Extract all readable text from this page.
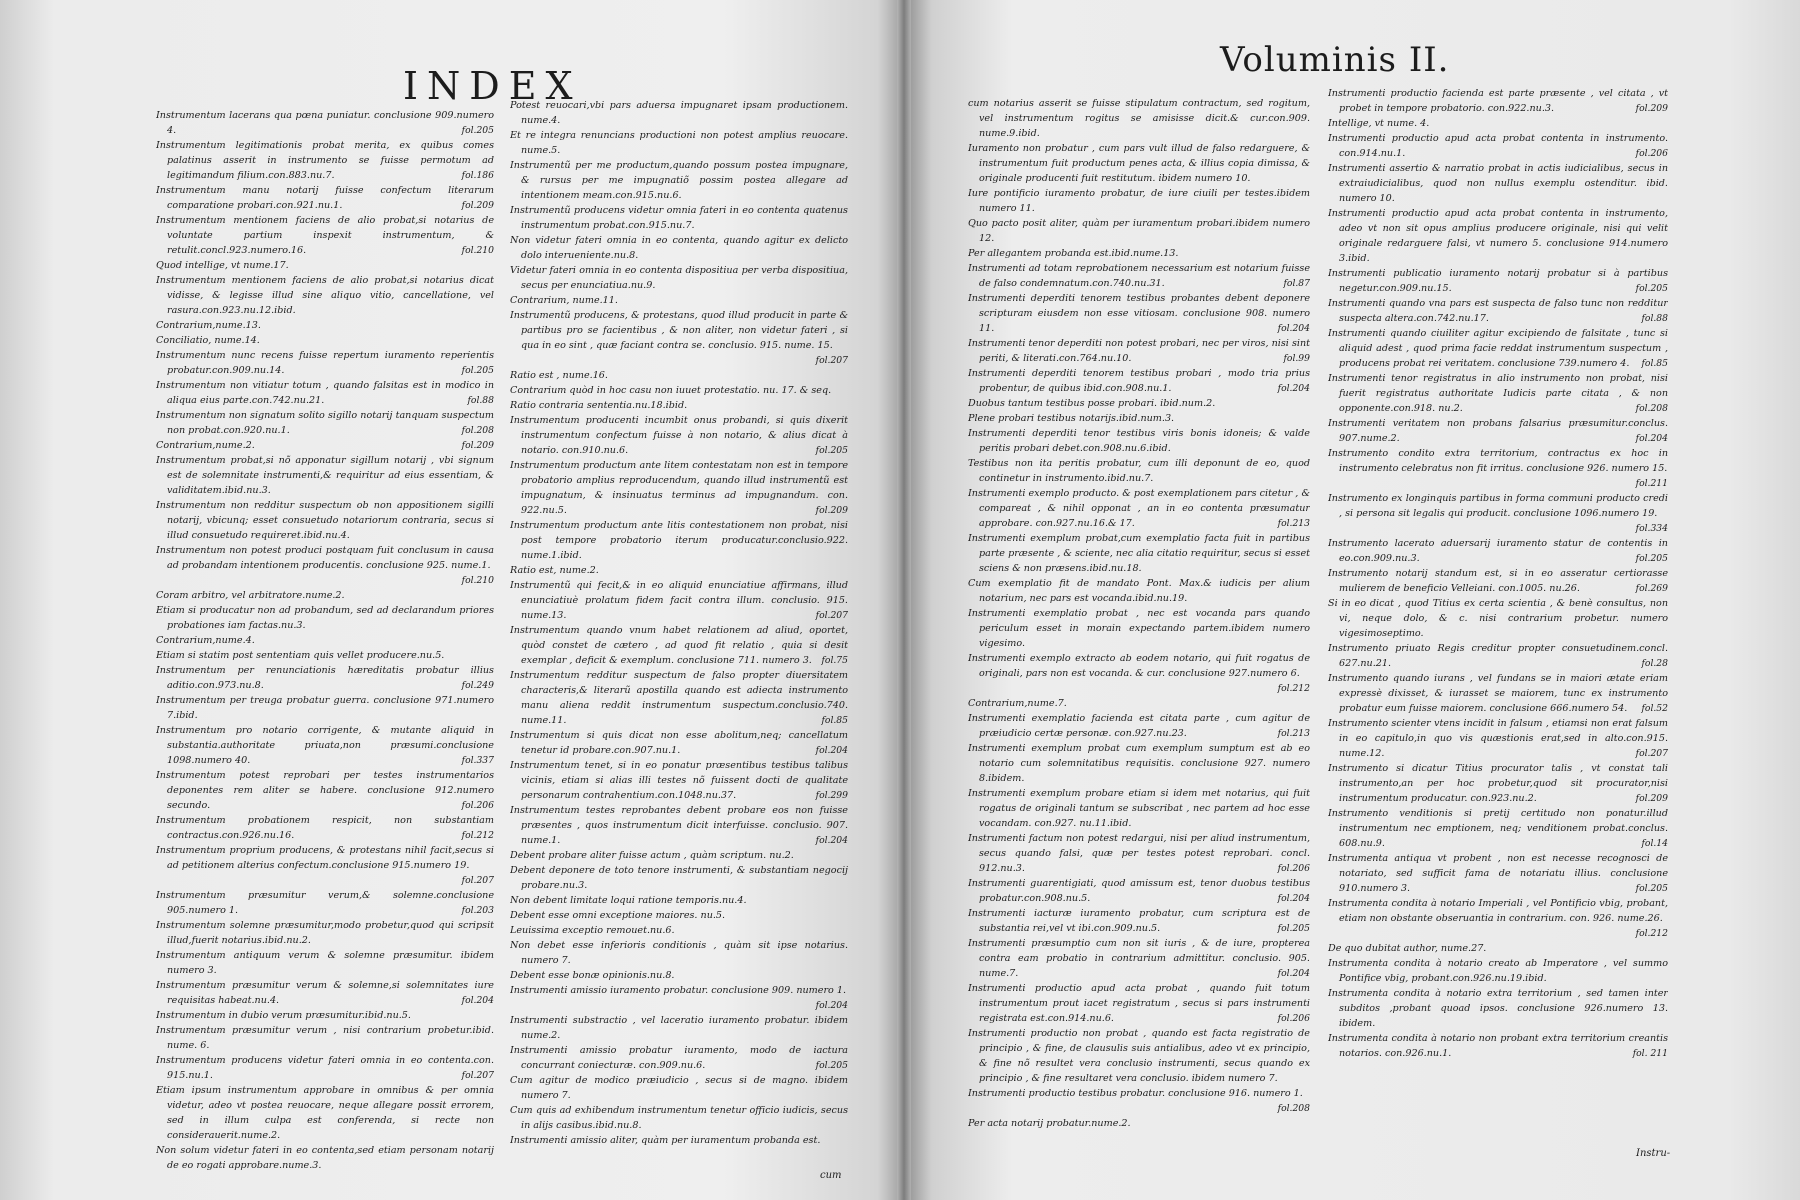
INDEX
Voluminis II.
Instrumentum lacerans qua pœna puniatur. conclusione 909.numero 4.	fol.205
Instrumentum legitimationis probat merita, ex quibus comes palatinus asserit in instrumento se fuisse permotum ad legitimandum filium.con.883.nu.7.	fol.186
Instrumentum manu notarij fuisse confectum literarum comparatione probari.con.921.nu.1.	fol.209
Instrumentum mentionem faciens de alio probat,si notarius de voluntate partium inspexit instrumentum, & retulit.concl.923.numero.16.	fol.210
Quod intellige, vt nume.17.
Instrumentum mentionem faciens de alio probat,si notarius dicat vidisse, & legisse illud sine aliquo vitio, cancellatione, vel rasura.con.923.nu.12.ibid.
Contrarium,nume.13.
Conciliatio, nume.14.
Instrumentum nunc recens fuisse repertum iuramento reperientis probatur.con.909.nu.14.	fol.205
Instrumentum non vitiatur totum , quando falsitas est in modico in aliqua eius parte.con.742.nu.21.	fol.88
Instrumentum non signatum solito sigillo notarij tanquam suspectum non probat.con.920.nu.1.	fol.208
Contrarium,nume.2.	fol.209
Instrumentum probat,si nõ apponatur sigillum notarij , vbi signum est de solemnitate instrumenti,& requiritur ad eius essentiam, & validitatem.ibid.nu.3.
Instrumentum non redditur suspectum ob non appositionem sigilli notarij, vbicunq; esset consuetudo notariorum contraria, secus si illud consuetudo requireret.ibid.nu.4.
Instrumentum non potest produci postquam fuit conclusum in causa ad probandam intentionem producentis. conclusione 925. nume.1.
fol.210
Coram arbitro, vel arbitratore.nume.2.
Etiam si producatur non ad probandum, sed ad declarandum priores probationes iam factas.nu.3.
Contrarium,nume.4.
Etiam si statim post sententiam quis vellet producere.nu.5.
Instrumentum per renunciationis hæreditatis probatur illius aditio.con.973.nu.8.	fol.249
Instrumentum per treuga probatur guerra. conclusione 971.numero 7.ibid.
Instrumentum pro notario corrigente, & mutante aliquid in substantia.authoritate priuata,non præsumi.conclusione 1098.numero 40.	fol.337
Instrumentum potest reprobari per testes instrumentarios deponentes rem aliter se habere. conclusione 912.numero secundo.	fol.206
Instrumentum probationem respicit, non substantiam contractus.con.926.nu.16.	fol.212
Instrumentum proprium producens, & protestans nihil facit,secus si ad petitionem alterius confectum.conclusione 915.numero 19.
fol.207
Instrumentum præsumitur verum,& solemne.conclusione 905.numero 1.	fol.203
Instrumentum solemne præsumitur,modo probetur,quod qui scripsit illud,fuerit notarius.ibid.nu.2.
Instrumentum antiquum verum & solemne præsumitur. ibidem numero 3.
Instrumentum præsumitur verum & solemne,si solemnitates iure requisitas habeat.nu.4.	fol.204
Instrumentum in dubio verum præsumitur.ibid.nu.5.
Instrumentum præsumitur verum , nisi contrarium probetur.ibid. nume. 6.
Instrumentum producens videtur fateri omnia in eo contenta.con. 915.nu.1.	fol.207
Etiam ipsum instrumentum approbare in omnibus & per omnia videtur, adeo vt postea reuocare, neque allegare possit errorem, sed in illum culpa est conferenda, si recte non considerauerit.nume.2.
Non solum videtur fateri in eo contenta,sed etiam personam notarij de eo rogati approbare.nume.3.
Potest reuocari,vbi pars aduersa impugnaret ipsam productionem. nume.4.
Et re integra renuncians productioni non potest amplius reuocare. nume.5.
Instrumentũ per me productum,quando possum postea impugnare, & rursus per me impugnatiõ possim postea allegare ad intentionem meam.con.915.nu.6.
Instrumentũ producens videtur omnia fateri in eo contenta quatenus instrumentum probat.con.915.nu.7.
Non videtur fateri omnia in eo contenta, quando agitur ex delicto dolo interueniente.nu.8.
Videtur fateri omnia in eo contenta dispositiua per verba dispositiua, secus per enunciatiua.nu.9.
Contrarium, nume.11.
Instrumentũ producens, & protestans, quod illud producit in parte & partibus pro se facientibus , & non aliter, non videtur fateri , si qua in eo sint , quæ faciant contra se. conclusio. 915. nume. 15.
fol.207
Ratio est , nume.16.
Contrarium quòd in hoc casu non iuuet protestatio. nu. 17. & seq.
Ratio contraria sententia.nu.18.ibid.
Instrumentum producenti incumbit onus probandi, si quis dixerit instrumentum confectum fuisse à non notario, & alius dicat à notario. con.910.nu.6.	fol.205
Instrumentum productum ante litem contestatam non est in tempore probatorio amplius reproducendum, quando illud instrumentũ est impugnatum, & insinuatus terminus ad impugnandum. con. 922.nu.5.	fol.209
Instrumentum productum ante litis contestationem non probat, nisi post tempore probatorio iterum producatur.conclusio.922. nume.1.ibid.
Ratio est, nume.2.
Instrumentũ qui fecit,& in eo aliquid enunciatiue affirmans, illud enunciatiuè prolatum fidem facit contra illum. conclusio. 915. nume.13.	fol.207
Instrumentum quando vnum habet relationem ad aliud, oportet, quòd constet de cætero , ad quod fit relatio , quia si desit exemplar , deficit & exemplum. conclusione 711. numero 3. fol.75
Instrumentum redditur suspectum de falso propter diuersitatem characteris,& literarũ apostilla quando est adiecta instrumento manu aliena reddit instrumentum suspectum.conclusio.740. nume.11.	fol.85
Instrumentum si quis dicat non esse abolitum,neq; cancellatum tenetur id probare.con.907.nu.1.	fol.204
Instrumentum tenet, si in eo ponatur præsentibus testibus talibus vicinis, etiam si alias illi testes nõ fuissent docti de qualitate personarum contrahentium.con.1048.nu.37.	fol.299
Instrumentum testes reprobantes debent probare eos non fuisse præsentes , quos instrumentum dicit interfuisse. conclusio. 907. nume.1.	fol.204
Debent probare aliter fuisse actum , quàm scriptum. nu.2.
Debent deponere de toto tenore instrumenti, & substantiam negocij probare.nu.3.
Non debent limitate loqui ratione temporis.nu.4.
Debent esse omni exceptione maiores. nu.5.
Leuissima exceptio remouet.nu.6.
Non debet esse inferioris conditionis , quàm sit ipse notarius. numero 7.
Debent esse bonæ opinionis.nu.8.
Instrumenti amissio iuramento probatur. conclusione 909. numero 1.
fol.204
Instrumenti substractio , vel laceratio iuramento probatur. ibidem nume.2.
Instrumenti amissio probatur iuramento, modo de iactura concurrant coniecturæ. con.909.nu.6.	fol.205
Cum agitur de modico præiudicio , secus si de magno. ibidem numero 7.
Cum quis ad exhibendum instrumentum tenetur officio iudicis, secus in alijs casibus.ibid.nu.8.
Instrumenti amissio aliter, quàm per iuramentum probanda est.
cum notarius asserit se fuisse stipulatum contractum, sed rogitum, vel instrumentum rogitus se amisisse dicit.& cur.con.909. nume.9.ibid.
Iuramento non probatur , cum pars vult illud de falso redarguere, & instrumentum fuit productum penes acta, & illius copia dimissa, & originale producenti fuit restitutum. ibidem numero 10.
Iure pontificio iuramento probatur, de iure ciuili per testes.ibidem numero 11.
Quo pacto posit aliter, quàm per iuramentum probari.ibidem numero 12.
Per allegantem probanda est.ibid.nume.13.
Instrumenti ad totam reprobationem necessarium est notarium fuisse de falso condemnatum.con.740.nu.31.	fol.87
Instrumenti deperditi tenorem testibus probantes debent deponere scripturam eiusdem non esse vitiosam. conclusione 908. numero 11.	fol.204
Instrumenti tenor deperditi non potest probari, nec per viros, nisi sint periti, & literati.con.764.nu.10.	fol.99
Instrumenti deperditi tenorem testibus probari , modo tria prius probentur, de quibus ibid.con.908.nu.1.	fol.204
Duobus tantum testibus posse probari. ibid.num.2.
Plene probari testibus notarijs.ibid.num.3.
Instrumenti deperditi tenor testibus viris bonis idoneis; & valde peritis probari debet.con.908.nu.6.ibid.
Testibus non ita peritis probatur, cum illi deponunt de eo, quod continetur in instrumento.ibid.nu.7.
Instrumenti exemplo producto. & post exemplationem pars citetur , & compareat , & nihil opponat , an in eo contenta præsumatur approbare. con.927.nu.16.& 17.	fol.213
Instrumenti exemplum probat,cum exemplatio facta fuit in partibus parte præsente , & sciente, nec alia citatio requiritur, secus si esset sciens & non præsens.ibid.nu.18.
Cum exemplatio fit de mandato Pont. Max.& iudicis per alium notarium, nec pars est vocanda.ibid.nu.19.
Instrumenti exemplatio probat , nec est vocanda pars quando periculum esset in morain expectando partem.ibidem numero vigesimo.
Instrumenti exemplo extracto ab eodem notario, qui fuit rogatus de originali, pars non est vocanda. & cur. conclusione 927.numero 6.
fol.212
Contrarium,nume.7.
Instrumenti exemplatio facienda est citata parte , cum agitur de præiudicio certæ personæ. con.927.nu.23.	fol.213
Instrumenti exemplum probat cum exemplum sumptum est ab eo notario cum solemnitatibus requisitis. conclusione 927. numero 8.ibidem.
Instrumenti exemplum probare etiam si idem met notarius, qui fuit rogatus de originali tantum se subscribat , nec partem ad hoc esse vocandam. con.927. nu.11.ibid.
Instrumenti factum non potest redargui, nisi per aliud instrumentum, secus quando falsi, quæ per testes potest reprobari. concl. 912.nu.3.	fol.206
Instrumenti guarentigiati, quod amissum est, tenor duobus testibus probatur.con.908.nu.5.	fol.204
Instrumenti iacturæ iuramento probatur, cum scriptura est de substantia rei,vel vt ibi.con.909.nu.5.	fol.205
Instrumenti præsumptio cum non sit iuris , & de iure, propterea contra eam probatio in contrarium admittitur. conclusio. 905. nume.7.	fol.204
Instrumenti productio apud acta probat , quando fuit totum instrumentum prout iacet registratum , secus si pars instrumenti registrata est.con.914.nu.6.	fol.206
Instrumenti productio non probat , quando est facta registratio de principio , & fine, de clausulis suis antialibus, adeo vt ex principio, & fine nõ resultet vera conclusio instrumenti, secus quando ex principio , & fine resultaret vera conclusio. ibidem numero 7.
Instrumenti productio testibus probatur. conclusione 916. numero 1.
fol.208
Per acta notarij probatur.nume.2.
Instrumenti productio facienda est parte præsente , vel citata , vt probet in tempore probatorio. con.922.nu.3.	fol.209
Intellige, vt nume. 4.
Instrumenti productio apud acta probat contenta in instrumento. con.914.nu.1.	fol.206
Instrumenti assertio & narratio probat in actis iudicialibus, secus in extraiudicialibus, quod non nullus exemplu ostenditur. ibid. numero 10.
Instrumenti productio apud acta probat contenta in instrumento, adeo vt non sit opus amplius producere originale, nisi qui velit originale redarguere falsi, vt numero 5. conclusione 914.numero 3.ibid.
Instrumenti publicatio iuramento notarij probatur si à partibus negetur.con.909.nu.15.	fol.205
Instrumenti quando vna pars est suspecta de falso tunc non redditur suspecta altera.con.742.nu.17.	fol.88
Instrumenti quando ciuiliter agitur excipiendo de falsitate , tunc si aliquid adest , quod prima facie reddat instrumentum suspectum , producens probat rei veritatem. conclusione 739.numero 4. fol.85
Instrumenti tenor registratus in alio instrumento non probat, nisi fuerit registratus authoritate Iudicis parte citata , & non opponente.con.918. nu.2.	fol.208
Instrumenti veritatem non probans falsarius præsumitur.conclus. 907.nume.2.	fol.204
Instrumento condito extra territorium, contractus ex hoc in instrumento celebratus non fit irritus. conclusione 926. numero 15.
fol.211
Instrumento ex longinquis partibus in forma communi producto credi , si persona sit legalis qui producit. conclusione 1096.numero 19.
fol.334
Instrumento lacerato aduersarij iuramento statur de contentis in eo.con.909.nu.3.	fol.205
Instrumento notarij standum est, si in eo asseratur certiorasse mulierem de beneficio Velleiani. con.1005. nu.26.	fol.269
Si in eo dicat , quod Titius ex certa scientia , & benè consultus, non vi, neque dolo, & c. nisi contrarium probetur. numero vigesimoseptimo.
Instrumento priuato Regis creditur propter consuetudinem.concl. 627.nu.21.	fol.28
Instrumento quando iurans , vel fundans se in maiori ætate eriam expressè dixisset, & iurasset se maiorem, tunc ex instrumento probatur eum fuisse maiorem. conclusione 666.numero 54. fol.52
Instrumento scienter vtens incidit in falsum , etiamsi non erat falsum in eo capitulo,in quo vis quæstionis erat,sed in alto.con.915. nume.12.	fol.207
Instrumento si dicatur Titius procurator talis , vt constat tali instrumento,an per hoc probetur,quod sit procurator,nisi instrumentum producatur. con.923.nu.2.	fol.209
Instrumento venditionis si pretij certitudo non ponatur.illud instrumentum nec emptionem, neq; venditionem probat.conclus. 608.nu.9.	fol.14
Instrumenta antiqua vt probent , non est necesse recognosci de notariato, sed sufficit fama de notariatu illius. conclusione 910.numero 3.	fol.205
Instrumenta condita à notario Imperiali , vel Pontificio vbig, probant, etiam non obstante obseruantia in contrarium. con. 926. nume.26.
fol.212
De quo dubitat author, nume.27.
Instrumenta condita à notario creato ab Imperatore , vel summo Pontifice vbig, probant.con.926.nu.19.ibid.
Instrumenta condita à notario extra territorium , sed tamen inter subditos ,probant quoad ipsos. conclusione 926.numero 13. ibidem.
Instrumenta condita à notario non probant extra territorium creantis notarios. con.926.nu.1.	fol. 211
cum
Instru-
